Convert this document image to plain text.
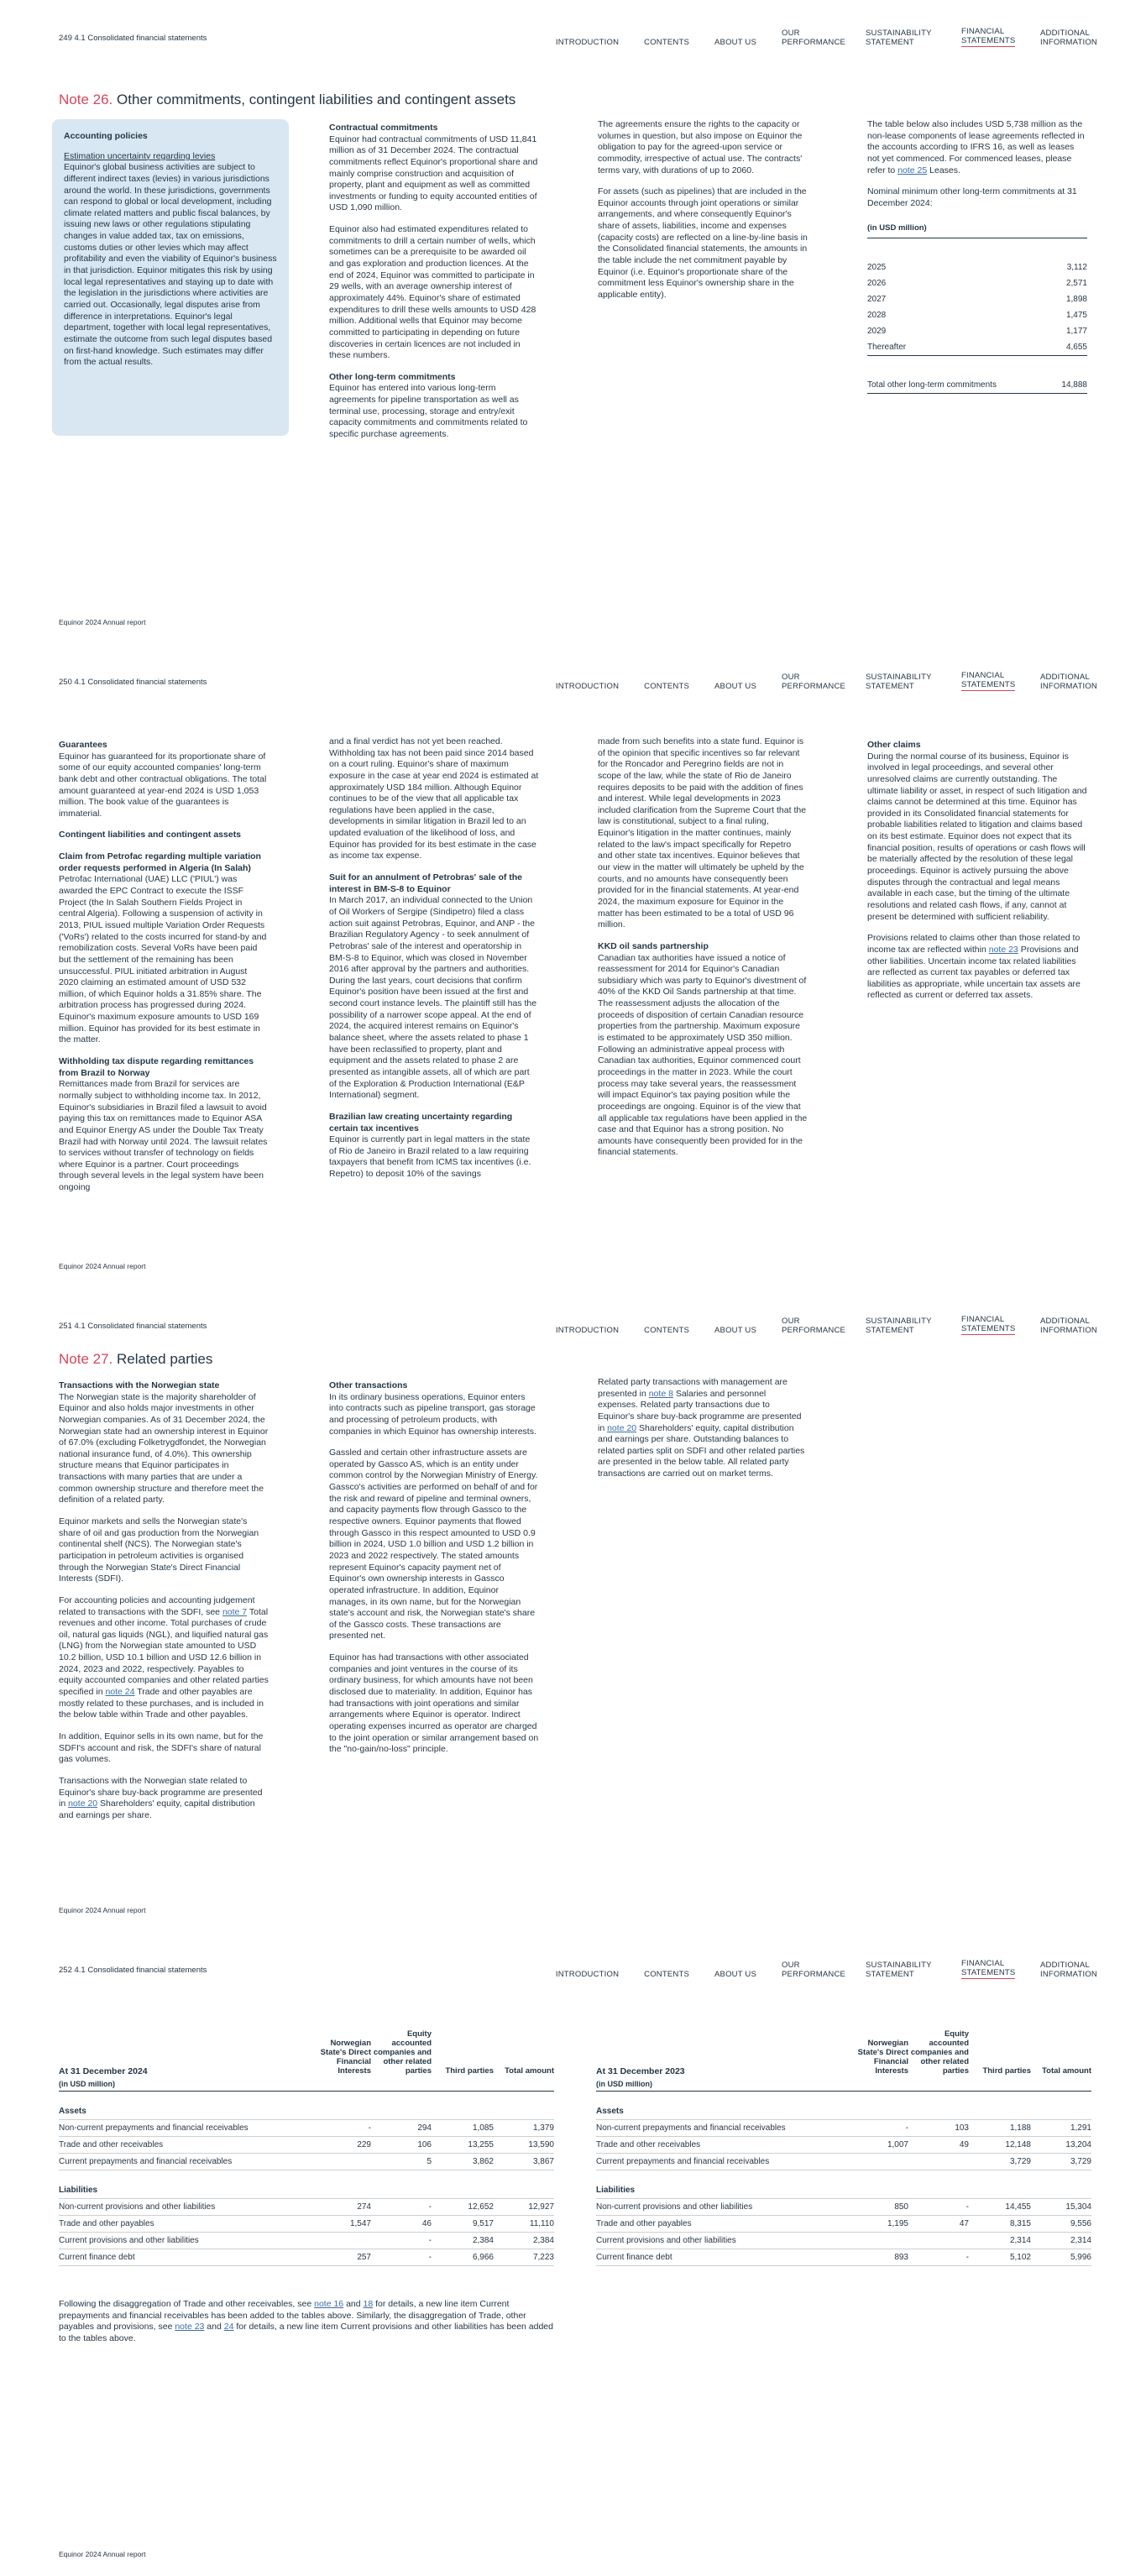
249 4.1 Consolidated financial statements	INTRODUCTION	CONTENTS	ABOUT US
OUR PERFORMANCE
SUSTAINABILITY STATEMENT
FINANCIAL STATEMENTS
ADDITIONAL INFORMATION
Note 26. Other commitments, contingent liabilities and contingent assets
Accounting policies
Estimation uncertainty regarding levies
Equinor's global business activities are subject to different indirect taxes (levies) in various jurisdictions around the world. In these jurisdictions, governments can respond to global or local development, including climate related matters and public fiscal balances, by issuing new laws or other regulations stipulating changes in value added tax, tax on emissions, customs duties or other levies which may affect profitability and even the viability of Equinor's business in that jurisdiction. Equinor mitigates this risk by using local legal representatives and staying up to date with the legislation in the jurisdictions where activities are carried out. Occasionally, legal disputes arise from difference in interpretations. Equinor's legal department, together with local legal representatives, estimate the outcome from such legal disputes based on first-hand knowledge. Such estimates may differ from the actual results.
Contractual commitments

Equinor had contractual commitments of USD 11,841 million as of 31 December 2024. The contractual commitments reflect Equinor's proportional share and mainly comprise construction and acquisition of property, plant and equipment as well as committed investments or funding to equity accounted entities of USD 1,090 million.

Equinor also had estimated expenditures related to commitments to drill a certain number of wells, which sometimes can be a prerequisite to be awarded oil and gas exploration and production licences. At the end of 2024, Equinor was committed to participate in 29 wells, with an average ownership interest of approximately 44%. Equinor's share of estimated expenditures to drill these wells amounts to USD 428 million. Additional wells that Equinor may become committed to participating in depending on future discoveries in certain licences are not included in these numbers.

Other long-term commitments

Equinor has entered into various long-term agreements for pipeline transportation as well as terminal use, processing, storage and entry/exit capacity commitments and commitments related to specific purchase agreements.

The agreements ensure the rights to the capacity or volumes in question, but also impose on Equinor the obligation to pay for the agreed-upon service or commodity, irrespective of actual use. The contracts' terms vary, with durations of up to 2060.

For assets (such as pipelines) that are included in the Equinor accounts through joint operations or similar arrangements, and where consequently Equinor's share of assets, liabilities, income and expenses (capacity costs) are reflected on a line-by-line basis in the Consolidated financial statements, the amounts in the table include the net commitment payable by Equinor (i.e. Equinor's proportionate share of the commitment less Equinor's ownership share in the applicable entity).

The table below also includes USD 5,738 million as the non-lease components of lease agreements reflected in the accounts according to IFRS 16, as well as leases not yet commenced. For commenced leases, please refer to note 25 Leases.

Nominal minimum other long-term commitments at 31 December 2024:

(in USD million)	

2025	3,112
2026	2,571
2027	1,898
2028	1,475
2029	1,177
Thereafter	4,655

Total other long-term commitments	14,888
Equinor 2024 Annual report
250 4.1 Consolidated financial statements	INTRODUCTION	CONTENTS	ABOUT US
OUR PERFORMANCE
SUSTAINABILITY STATEMENT
FINANCIAL STATEMENTS
ADDITIONAL INFORMATION
Guarantees

Equinor has guaranteed for its proportionate share of some of our equity accounted companies' long-term bank debt and other contractual obligations. The total amount guaranteed at year-end 2024 is USD 1,053 million. The book value of the guarantees is immaterial.

Contingent liabilities and contingent assets
Claim from Petrofac regarding multiple variation order requests performed in Algeria (In Salah)

Petrofac International (UAE) LLC ('PIUL') was awarded the EPC Contract to execute the ISSF Project (the In Salah Southern Fields Project in central Algeria). Following a suspension of activity in 2013, PIUL issued multiple Variation Order Requests ('VoRs') related to the costs incurred for stand-by and remobilization costs. Several VoRs have been paid but the settlement of the remaining has been unsuccessful. PIUL initiated arbitration in August 2020 claiming an estimated amount of USD 532 million, of which Equinor holds a 31.85% share. The arbitration process has progressed during 2024. Equinor's maximum exposure amounts to USD 169 million. Equinor has provided for its best estimate in the matter.

Withholding tax dispute regarding remittances from Brazil to Norway

Remittances made from Brazil for services are normally subject to withholding income tax. In 2012, Equinor's subsidiaries in Brazil filed a lawsuit to avoid paying this tax on remittances made to Equinor ASA and Equinor Energy AS under the Double Tax Treaty Brazil had with Norway until 2024. The lawsuit relates to services without transfer of technology on fields where Equinor is a partner. Court proceedings through several levels in the legal system have been ongoing

and a final verdict has not yet been reached. Withholding tax has not been paid since 2014 based on a court ruling. Equinor's share of maximum exposure in the case at year end 2024 is estimated at approximately USD 184 million. Although Equinor continues to be of the view that all applicable tax regulations have been applied in the case, developments in similar litigation in Brazil led to an updated evaluation of the likelihood of loss, and Equinor has provided for its best estimate in the case as income tax expense.

Suit for an annulment of Petrobras' sale of the interest in BM-S-8 to Equinor

In March 2017, an individual connected to the Union of Oil Workers of Sergipe (Sindipetro) filed a class action suit against Petrobras, Equinor, and ANP - the Brazilian Regulatory Agency - to seek annulment of Petrobras' sale of the interest and operatorship in BM-S-8 to Equinor, which was closed in November 2016 after approval by the partners and authorities. During the last years, court decisions that confirm Equinor's position have been issued at the first and second court instance levels. The plaintiff still has the possibility of a narrower scope appeal. At the end of 2024, the acquired interest remains on Equinor's balance sheet, where the assets related to phase 1 have been reclassified to property, plant and equipment and the assets related to phase 2 are presented as intangible assets, all of which are part of the Exploration & Production International (E&P International) segment.

Brazilian law creating uncertainty regarding certain tax incentives

Equinor is currently part in legal matters in the state of Rio de Janeiro in Brazil related to a law requiring taxpayers that benefit from ICMS tax incentives (i.e. Repetro) to deposit 10% of the savings

made from such benefits into a state fund. Equinor is of the opinion that specific incentives so far relevant for the Roncador and Peregrino fields are not in scope of the law, while the state of Rio de Janeiro requires deposits to be paid with the addition of fines and interest. While legal developments in 2023 included clarification from the Supreme Court that the law is constitutional, subject to a final ruling, Equinor's litigation in the matter continues, mainly related to the law's impact specifically for Repetro and other state tax incentives. Equinor believes that our view in the matter will ultimately be upheld by the courts, and no amounts have consequently been provided for in the financial statements. At year-end 2024, the maximum exposure for Equinor in the matter has been estimated to be a total of USD 96 million.

KKD oil sands partnership

Canadian tax authorities have issued a notice of reassessment for 2014 for Equinor's Canadian subsidiary which was party to Equinor's divestment of 40% of the KKD Oil Sands partnership at that time. The reassessment adjusts the allocation of the proceeds of disposition of certain Canadian resource properties from the partnership. Maximum exposure is estimated to be approximately USD 350 million. Following an administrative appeal process with Canadian tax authorities, Equinor commenced court proceedings in the matter in 2023. While the court process may take several years, the reassessment will impact Equinor's tax paying position while the proceedings are ongoing. Equinor is of the view that all applicable tax regulations have been applied in the case and that Equinor has a strong position. No amounts have consequently been provided for in the financial statements.

Other claims

During the normal course of its business, Equinor is involved in legal proceedings, and several other unresolved claims are currently outstanding. The ultimate liability or asset, in respect of such litigation and claims cannot be determined at this time. Equinor has provided in its Consolidated financial statements for probable liabilities related to litigation and claims based on its best estimate. Equinor does not expect that its financial position, results of operations or cash flows will be materially affected by the resolution of these legal proceedings. Equinor is actively pursuing the above disputes through the contractual and legal means available in each case, but the timing of the ultimate resolutions and related cash flows, if any, cannot at present be determined with sufficient reliability.

Provisions related to claims other than those related to income tax are reflected within note 23 Provisions and other liabilities. Uncertain income tax related liabilities are reflected as current tax payables or deferred tax liabilities as appropriate, while uncertain tax assets are reflected as current or deferred tax assets.

Equinor 2024 Annual report
251 4.1 Consolidated financial statements	INTRODUCTION	CONTENTS	ABOUT US
OUR PERFORMANCE
SUSTAINABILITY STATEMENT
FINANCIAL STATEMENTS
ADDITIONAL INFORMATION
Note 27. Related parties
Transactions with the Norwegian state

The Norwegian state is the majority shareholder of Equinor and also holds major investments in other Norwegian companies. As of 31 December 2024, the Norwegian state had an ownership interest in Equinor of 67.0% (excluding Folketrygdfondet, the Norwegian national insurance fund, of 4.0%). This ownership structure means that Equinor participates in transactions with many parties that are under a common ownership structure and therefore meet the definition of a related party.

Equinor markets and sells the Norwegian state's share of oil and gas production from the Norwegian continental shelf (NCS). The Norwegian state's participation in petroleum activities is organised through the Norwegian State's Direct Financial Interests (SDFI).

For accounting policies and accounting judgement related to transactions with the SDFI, see note 7 Total revenues and other income. Total purchases of crude oil, natural gas liquids (NGL), and liquified natural gas (LNG) from the Norwegian state amounted to USD 10.2 billion, USD 10.1 billion and USD 12.6 billion in 2024, 2023 and 2022, respectively. Payables to equity accounted companies and other related parties specified in note 24 Trade and other payables are mostly related to these purchases, and is included in the below table within Trade and other payables.

In addition, Equinor sells in its own name, but for the SDFI's account and risk, the SDFI's share of natural gas volumes.

Transactions with the Norwegian state related to Equinor's share buy-back programme are presented in note 20 Shareholders' equity, capital distribution and earnings per share.

Other transactions

In its ordinary business operations, Equinor enters into contracts such as pipeline transport, gas storage and processing of petroleum products, with companies in which Equinor has ownership interests.

Gassled and certain other infrastructure assets are operated by Gassco AS, which is an entity under common control by the Norwegian Ministry of Energy. Gassco's activities are performed on behalf of and for the risk and reward of pipeline and terminal owners, and capacity payments flow through Gassco to the respective owners. Equinor payments that flowed through Gassco in this respect amounted to USD 0.9 billion in 2024, USD 1.0 billion and USD 1.2 billion in 2023 and 2022 respectively. The stated amounts represent Equinor's capacity payment net of Equinor's own ownership interests in Gassco operated infrastructure. In addition, Equinor manages, in its own name, but for the Norwegian state's account and risk, the Norwegian state's share of the Gassco costs. These transactions are presented net.

Equinor has had transactions with other associated companies and joint ventures in the course of its ordinary business, for which amounts have not been disclosed due to materiality. In addition, Equinor has had transactions with joint operations and similar arrangements where Equinor is operator. Indirect operating expenses incurred as operator are charged to the joint operation or similar arrangement based on the "no-gain/no-loss" principle.

Related party transactions with management are presented in note 8 Salaries and personnel expenses. Related party transactions due to Equinor's share buy-back programme are presented in note 20 Shareholders' equity, capital distribution and earnings per share. Outstanding balances to related parties split on SDFI and other related parties are presented in the below table. All related party transactions are carried out on market terms.

Equinor 2024 Annual report
252 4.1 Consolidated financial statements	INTRODUCTION	CONTENTS	ABOUT US
OUR PERFORMANCE
SUSTAINABILITY STATEMENT
FINANCIAL STATEMENTS
ADDITIONAL INFORMATION
Equinor 2024 Annual report
At 31 December 2024	Norwegian State's Direct Financial Interests	Equity accounted companies and other related parties	Third parties	Total amount
(in USD million)				

Assets				
Non-current prepayments and financial receivables	-	294	1,085	1,379
Trade and other receivables	229	106	13,255	13,590
Current prepayments and financial receivables		5	3,862	3,867

Liabilities				
Non-current provisions and other liabilities	274	-	12,652	12,927
Trade and other payables	1,547	46	9,517	11,110
Current provisions and other liabilities		-	2,384	2,384
Current finance debt	257	-	6,966	7,223
At 31 December 2023	Norwegian State's Direct Financial Interests	Equity accounted companies and other related parties	Third parties	Total amount
(in USD million)				

Assets				
Non-current prepayments and financial receivables	-	103	1,188	1,291
Trade and other receivables	1,007	49	12,148	13,204
Current prepayments and financial receivables			3,729	3,729

Liabilities				
Non-current provisions and other liabilities	850	-	14,455	15,304
Trade and other payables	1,195	47	8,315	9,556
Current provisions and other liabilities			2,314	2,314
Current finance debt	893	-	5,102	5,996

Following the disaggregation of Trade and other receivables, see note 16 and 18 for details, a new line item Current prepayments and financial receivables has been added to the tables above. Similarly, the disaggregation of Trade, other payables and provisions, see note 23 and 24 for details, a new line item Current provisions and other liabilities has been added to the tables above.
